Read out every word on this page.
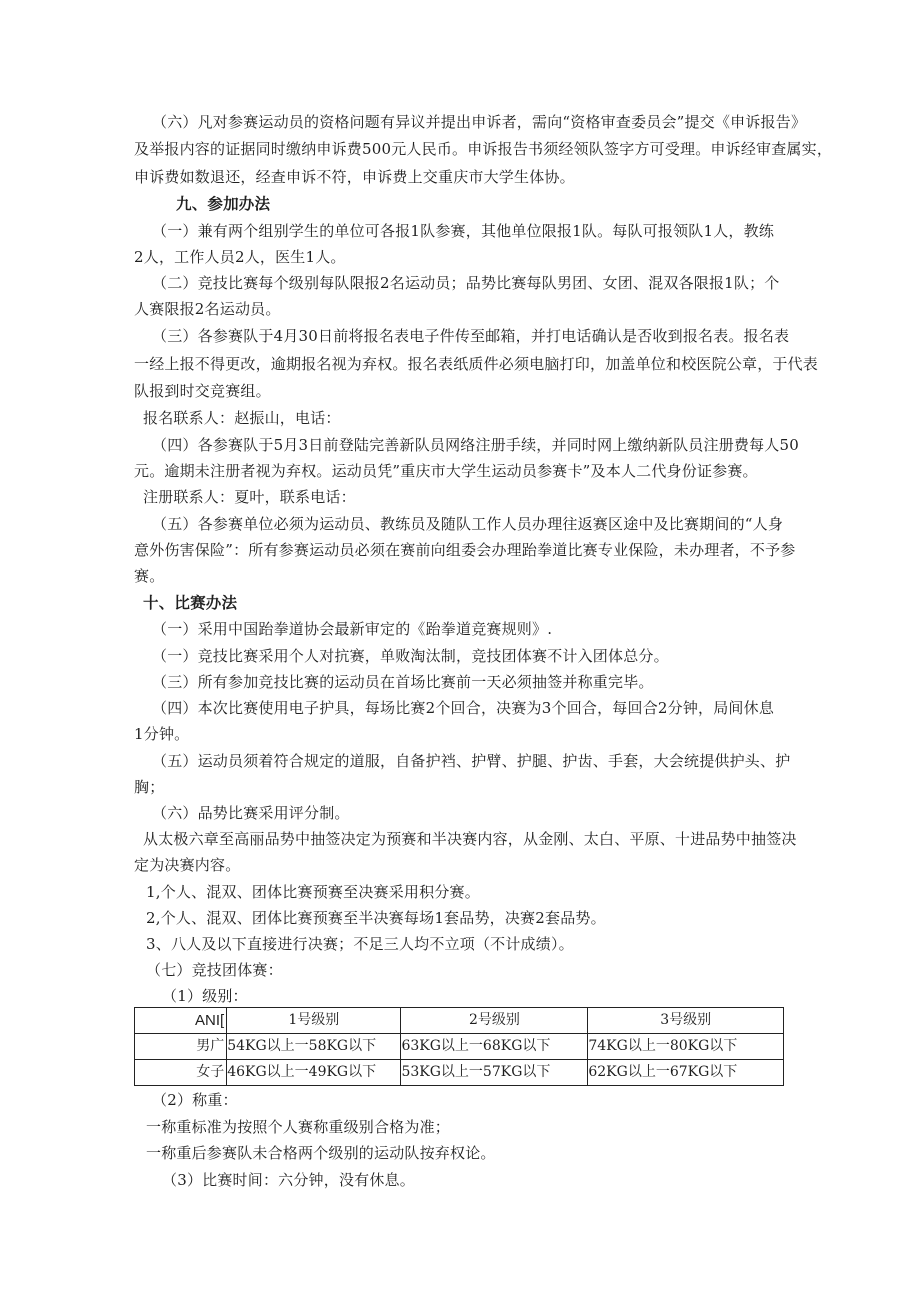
（六）凡对参赛运动员的资格问题有异议并提出申诉者，需向“资格审查委员会”提交《申诉报告》
及举报内容的证据同时缴纳申诉费500元人民币。申诉报告书须经领队签字方可受理。申诉经审查属实，
申诉费如数退还，经查申诉不符，申诉费上交重庆市大学生体协。
九、参加办法
（一）兼有两个组别学生的单位可各报1队参赛，其他单位限报1队。每队可报领队1人，教练
2人，工作人员2人，医生1人。
（二）竞技比赛每个级别每队限报2名运动员；品势比赛每队男团、女团、混双各限报1队；个
人赛限报2名运动员。
（三）各参赛队于4月30日前将报名表电子件传至邮箱，并打电话确认是否收到报名表。报名表
一经上报不得更改，逾期报名视为弃权。报名表纸质件必须电脑打印，加盖单位和校医院公章，于代表
队报到时交竞赛组。
报名联系人：赵振山，电话：
（四）各参赛队于5月3日前登陆完善新队员网络注册手续，并同时网上缴纳新队员注册费每人50
元。逾期未注册者视为弃权。运动员凭”重庆市大学生运动员参赛卡”及本人二代身份证参赛。
注册联系人：夏叶，联系电话：
（五）各参赛单位必须为运动员、教练员及随队工作人员办理往返赛区途中及比赛期间的“人身
意外伤害保险”：所有参赛运动员必须在赛前向组委会办理跆拳道比赛专业保险，未办理者，不予参
赛。
十、比赛办法
（一）采用中国跆拳道协会最新审定的《跆拳道竞赛规则》.
（一）竞技比赛采用个人对抗赛，单败淘汰制，竞技团体赛不计入团体总分。
（三）所有参加竞技比赛的运动员在首场比赛前一天必须抽签并称重完毕。
（四）本次比赛使用电子护具，每场比赛2个回合，决赛为3个回合，每回合2分钟，局间休息
1分钟。
（五）运动员须着符合规定的道服，自备护裆、护臂、护腿、护齿、手套，大会统提供护头、护
胸；
（六）品势比赛采用评分制。
从太极六章至高丽品势中抽签决定为预赛和半决赛内容，从金刚、太白、平原、十进品势中抽签决
定为决赛内容。
1,个人、混双、团体比赛预赛至决赛采用积分赛。
2,个人、混双、团体比赛预赛至半决赛每场1套品势，决赛2套品势。
3、八人及以下直接进行决赛；不足三人均不立项（不计成绩）。
（七）竞技团体赛：
（1）级别：
ANI[	1号级别	2号级别	3号级别
男广	54KG以上一58KG以下	63KG以上一68KG以下	74KG以上一80KG以下
女子	46KG以上一49KG以下	53KG以上一57KG以下	62KG以上一67KG以下
（2）称重：
一称重标准为按照个人赛称重级别合格为准；
一称重后参赛队未合格两个级别的运动队按弃权论。
（3）比赛时间：六分钟，没有休息。
